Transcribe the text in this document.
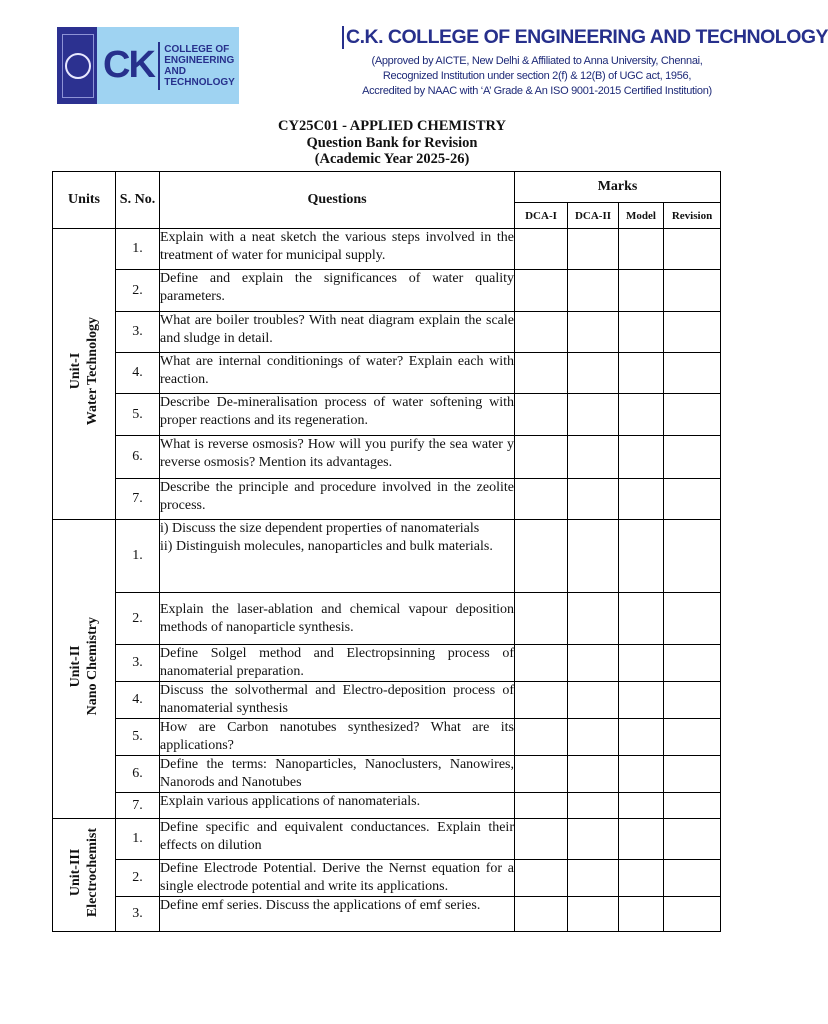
CK COLLEGE OF
ENGINEERING AND
TECHNOLOGY
C.K. COLLEGE OF ENGINEERING AND TECHNOLOGY
(Approved by AICTE, New Delhi & Affiliated to Anna University, Chennai,
Recognized Institution under section 2(f) & 12(B) of UGC act, 1956,
Accredited by NAAC with ‘A’ Grade & An ISO 9001-2015 Certified Institution)
CY25C01 - APPLIED CHEMISTRY
Question Bank for Revision
(Academic Year 2025-26)
Units	S. No.	Questions	Marks			
			DCA-I	DCA-II	Model	Revision

Unit-I Water Technology	1.	Explain with a neat sketch the various steps involved in the treatment of water for municipal supply.				

	2.	Define and explain the significances of water quality parameters.				

	3.	What are boiler troubles? With neat diagram explain the scale and sludge in detail.				

	4.	What are internal conditionings of water? Explain each with reaction.				

	5.	Describe De-mineralisation process of water softening with proper reactions and its regeneration.				

	6.	What is reverse osmosis? How will you purify the sea water y reverse osmosis? Mention its advantages.				

	7.	Describe the principle and procedure involved in the zeolite process.				

Unit-II Nano Chemistry	1.	i) Discuss the size dependent properties of nanomaterials
ii) Distinguish molecules, nanoparticles and bulk materials.				

	2.	Explain the laser-ablation and chemical vapour deposition methods of nanoparticle synthesis.				

	3.	Define Solgel method and Electropsinning process of nanomaterial preparation.				

	4.	Discuss the solvothermal and Electro-deposition process of nanomaterial synthesis				

	5.	How are Carbon nanotubes synthesized? What are its applications?				

	6.	Define the terms: Nanoparticles, Nanoclusters, Nanowires, Nanorods and Nanotubes				

	7.	Explain various applications of nanomaterials.				

Unit-III Electrochemist	1.	Define specific and equivalent conductances. Explain their effects on dilution				

	2.	Define Electrode Potential. Derive the Nernst equation for a single electrode potential and write its applications.				

	3.	Define emf series. Discuss the applications of emf series.				
